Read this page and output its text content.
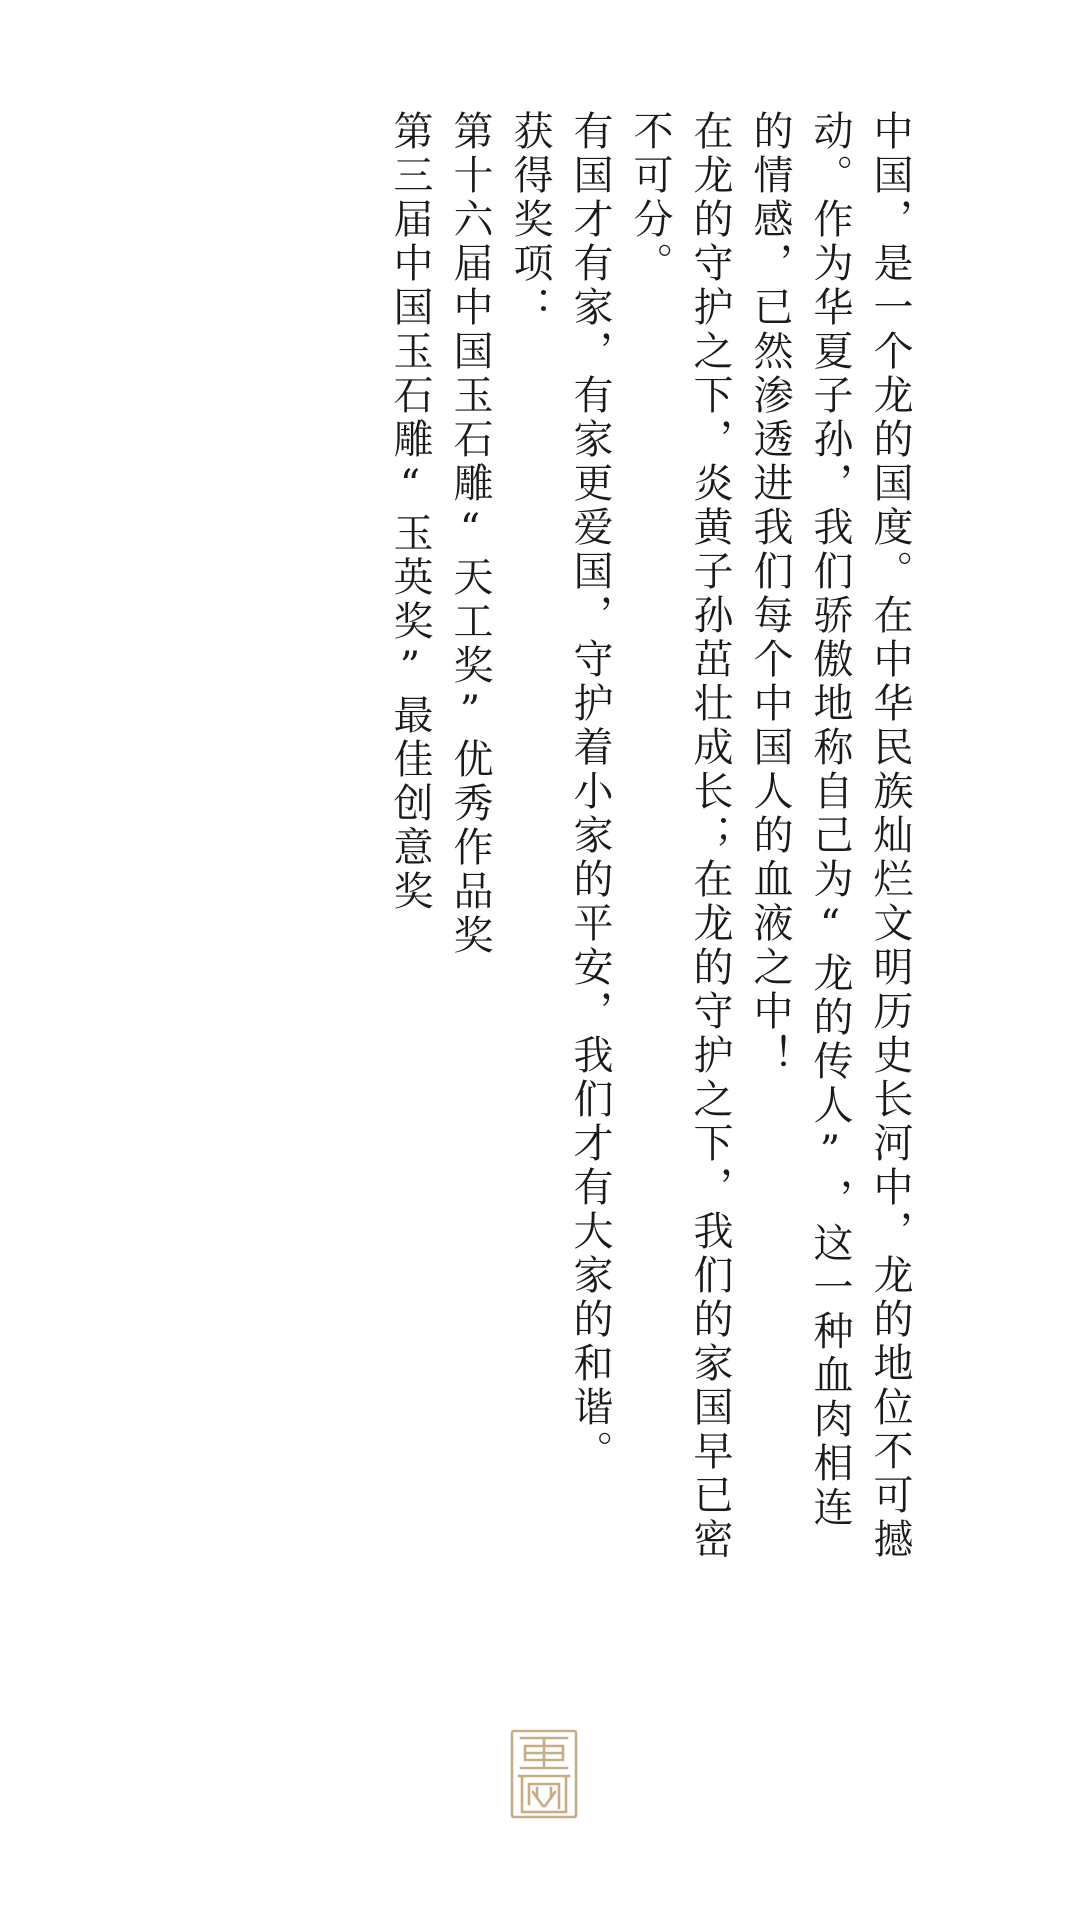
中国，是一个龙的国度。在中华民族灿烂文明历史长河中，龙的地位不可撼动。作为华夏子孙，我们骄傲地称自己为“龙的传人”，这一种血肉相连的情感，已然渗透进我们每个中国人的血液之中！

在龙的守护之下，炎黄子孙茁壮成长；在龙的守护之下，我们的家国早已密不可分。

有国才有家，有家更爱国，守护着小家的平安，我们才有大家的和谐。

获得奖项：

第十六届中国玉石雕“天工奖”优秀作品奖

第三届中国玉石雕“玉英奖”最佳创意奖
